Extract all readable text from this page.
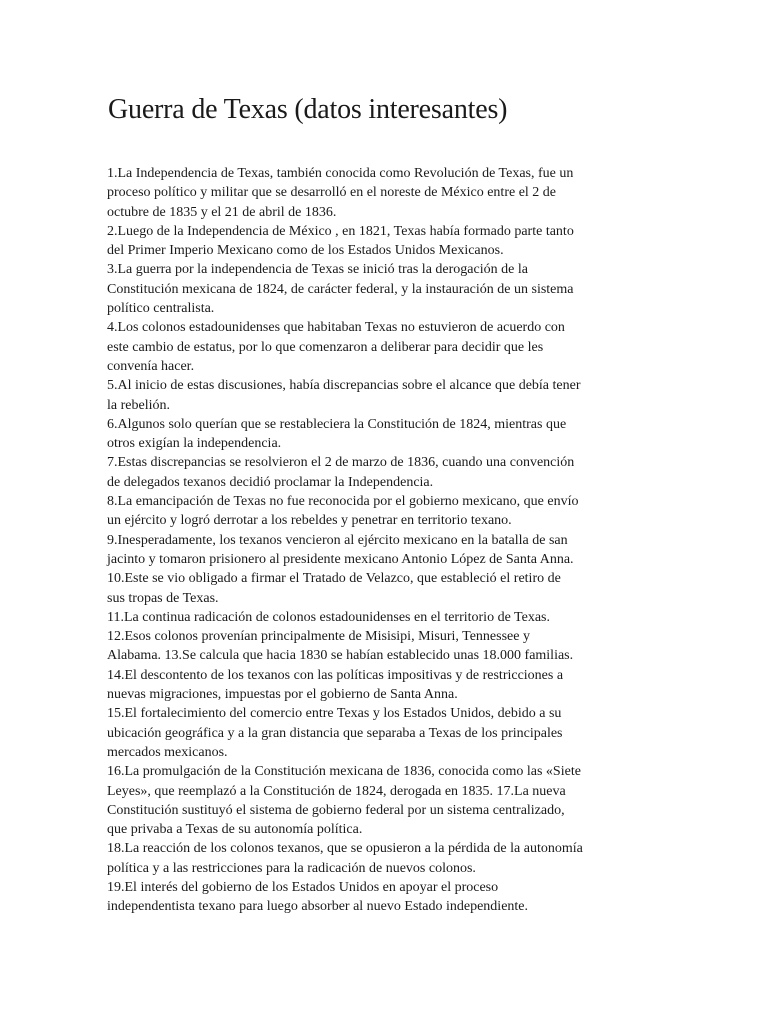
Guerra de Texas (datos interesantes)
1.La Independencia de Texas, también conocida como Revolución de Texas, fue un
proceso político y militar que se desarrolló en el noreste de México entre el 2 de
octubre de 1835 y el 21 de abril de 1836.
2.Luego de la Independencia de México , en 1821, Texas había formado parte tanto
del Primer Imperio Mexicano como de los Estados Unidos Mexicanos.
3.La guerra por la independencia de Texas se inició tras la derogación de la
Constitución mexicana de 1824, de carácter federal, y la instauración de un sistema
político centralista.
4.Los colonos estadounidenses que habitaban Texas no estuvieron de acuerdo con
este cambio de estatus, por lo que comenzaron a deliberar para decidir que les
convenía hacer.
5.Al inicio de estas discusiones, había discrepancias sobre el alcance que debía tener
la rebelión.
6.Algunos solo querían que se restableciera la Constitución de 1824, mientras que
otros exigían la independencia.
7.Estas discrepancias se resolvieron el 2 de marzo de 1836, cuando una convención
de delegados texanos decidió proclamar la Independencia.
8.La emancipación de Texas no fue reconocida por el gobierno mexicano, que envío
un ejército y logró derrotar a los rebeldes y penetrar en territorio texano.
9.Inesperadamente, los texanos vencieron al ejército mexicano en la batalla de san
jacinto y tomaron prisionero al presidente mexicano Antonio López de Santa Anna.
10.Este se vio obligado a firmar el Tratado de Velazco, que estableció el retiro de
sus tropas de Texas.
11.La continua radicación de colonos estadounidenses en el territorio de Texas.
12.Esos colonos provenían principalmente de Misisipi, Misuri, Tennessee y
Alabama. 13.Se calcula que hacia 1830 se habían establecido unas 18.000 familias.
14.El descontento de los texanos con las políticas impositivas y de restricciones a
nuevas migraciones, impuestas por el gobierno de Santa Anna.
15.El fortalecimiento del comercio entre Texas y los Estados Unidos, debido a su
ubicación geográfica y a la gran distancia que separaba a Texas de los principales
mercados mexicanos.
16.La promulgación de la Constitución mexicana de 1836, conocida como las «Siete
Leyes», que reemplazó a la Constitución de 1824, derogada en 1835. 17.La nueva
Constitución sustituyó el sistema de gobierno federal por un sistema centralizado,
que privaba a Texas de su autonomía política.
18.La reacción de los colonos texanos, que se opusieron a la pérdida de la autonomía
política y a las restricciones para la radicación de nuevos colonos.
19.El interés del gobierno de los Estados Unidos en apoyar el proceso
independentista texano para luego absorber al nuevo Estado independiente.
